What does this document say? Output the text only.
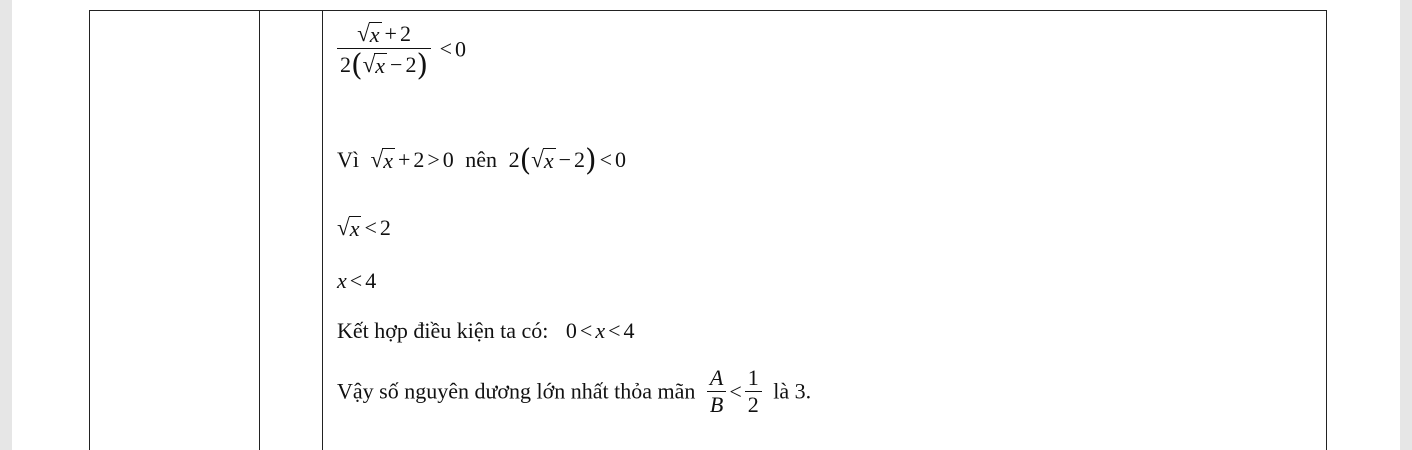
$\frac{√ x + 2}{2( √ x - 2)} < 0$
Vì √ x + 2 > 0 nên 2( √ x − 2) < 0
√ x < 2
x < 4
Kết hợp điều kiện ta có: 0 < x < 4
Vậy số nguyên dương lớn nhất thỏa mãn $\frac{A}{B} < \frac{1}{2}$ là 3.
